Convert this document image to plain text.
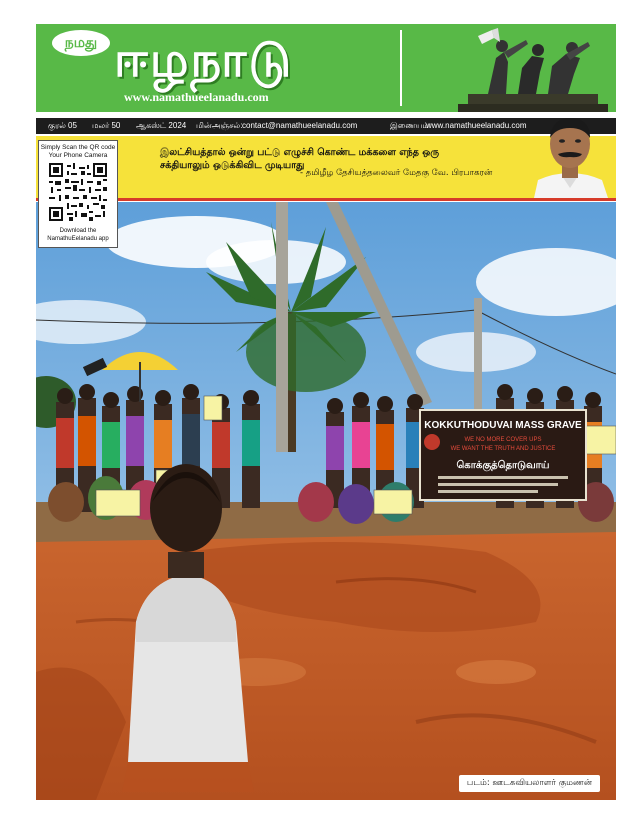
நமது ஈழநாடு
www.namathueelanadu.com
குரல் 05 மலர் 50 ஆகஸ்ட் 2024 மின்அஞ்சல்: contact@namathueelanadu.com	இணையம்:
www.namathueelanadu.com
Simply Scan the QR code Your Phone Camera
Download the NamathuEelanadu app
இலட்சியத்தால் ஒன்று பட்டு எழுச்சி கொண்ட மக்களை எந்த ஒரு சக்தியாலும் ஒடுக்கிவிட முடியாது
- தமிழீழ தேசியத்தலைவர் மேதகு வே. பிரபாகரன்
KOKKUTHODUVAI MASS GRAVE
WE NO MORE COVER UPS
WE WANT THE TRUTH AND JUSTICE
கொக்குத்தொடுவாய்
படம்: ஊடகவியலாளர் குமணன்
